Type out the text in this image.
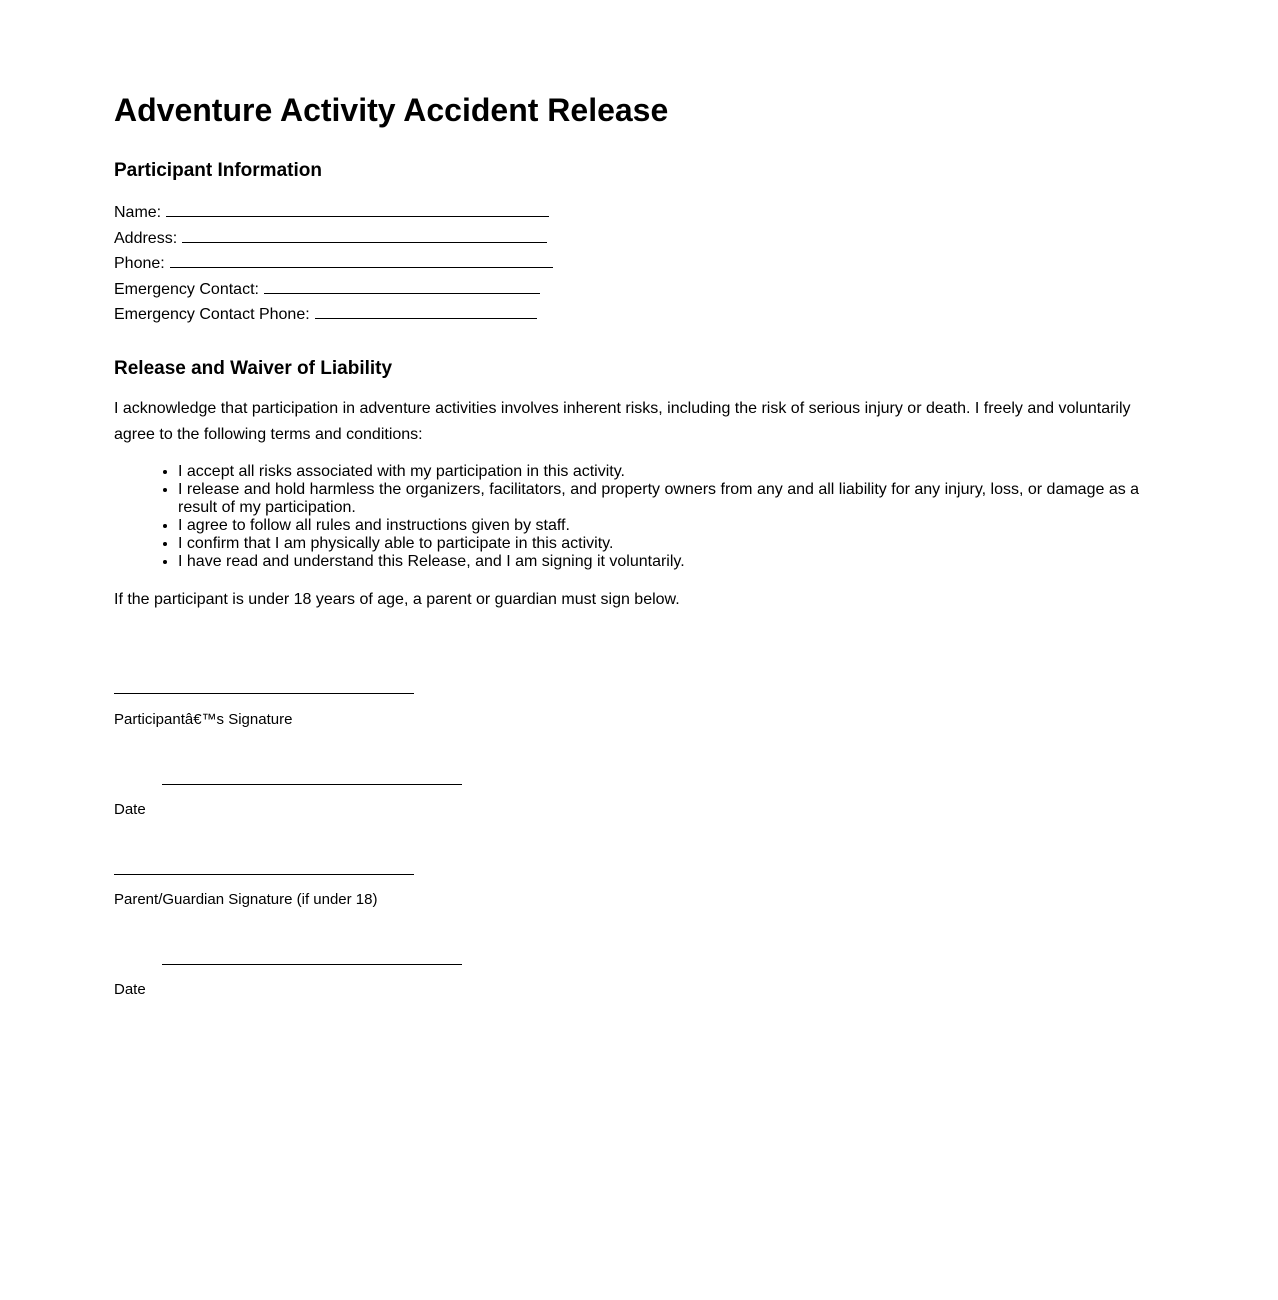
Adventure Activity Accident Release
Participant Information
Name:
Address:
Phone:
Emergency Contact:
Emergency Contact Phone:
Release and Waiver of Liability

I acknowledge that participation in adventure activities involves inherent risks, including the risk of serious injury or death. I freely and voluntarily agree to the following terms and conditions:

• I accept all risks associated with my participation in this activity.
• I release and hold harmless the organizers, facilitators, and property owners from any and all liability for any injury, loss, or damage as a result of my participation.
• I agree to follow all rules and instructions given by staff.
• I confirm that I am physically able to participate in this activity.
• I have read and understand this Release, and I am signing it voluntarily.

If the participant is under 18 years of age, a parent or guardian must sign below.

Participantâ€™s Signature
Date
Parent/Guardian Signature (if under 18)
Date
